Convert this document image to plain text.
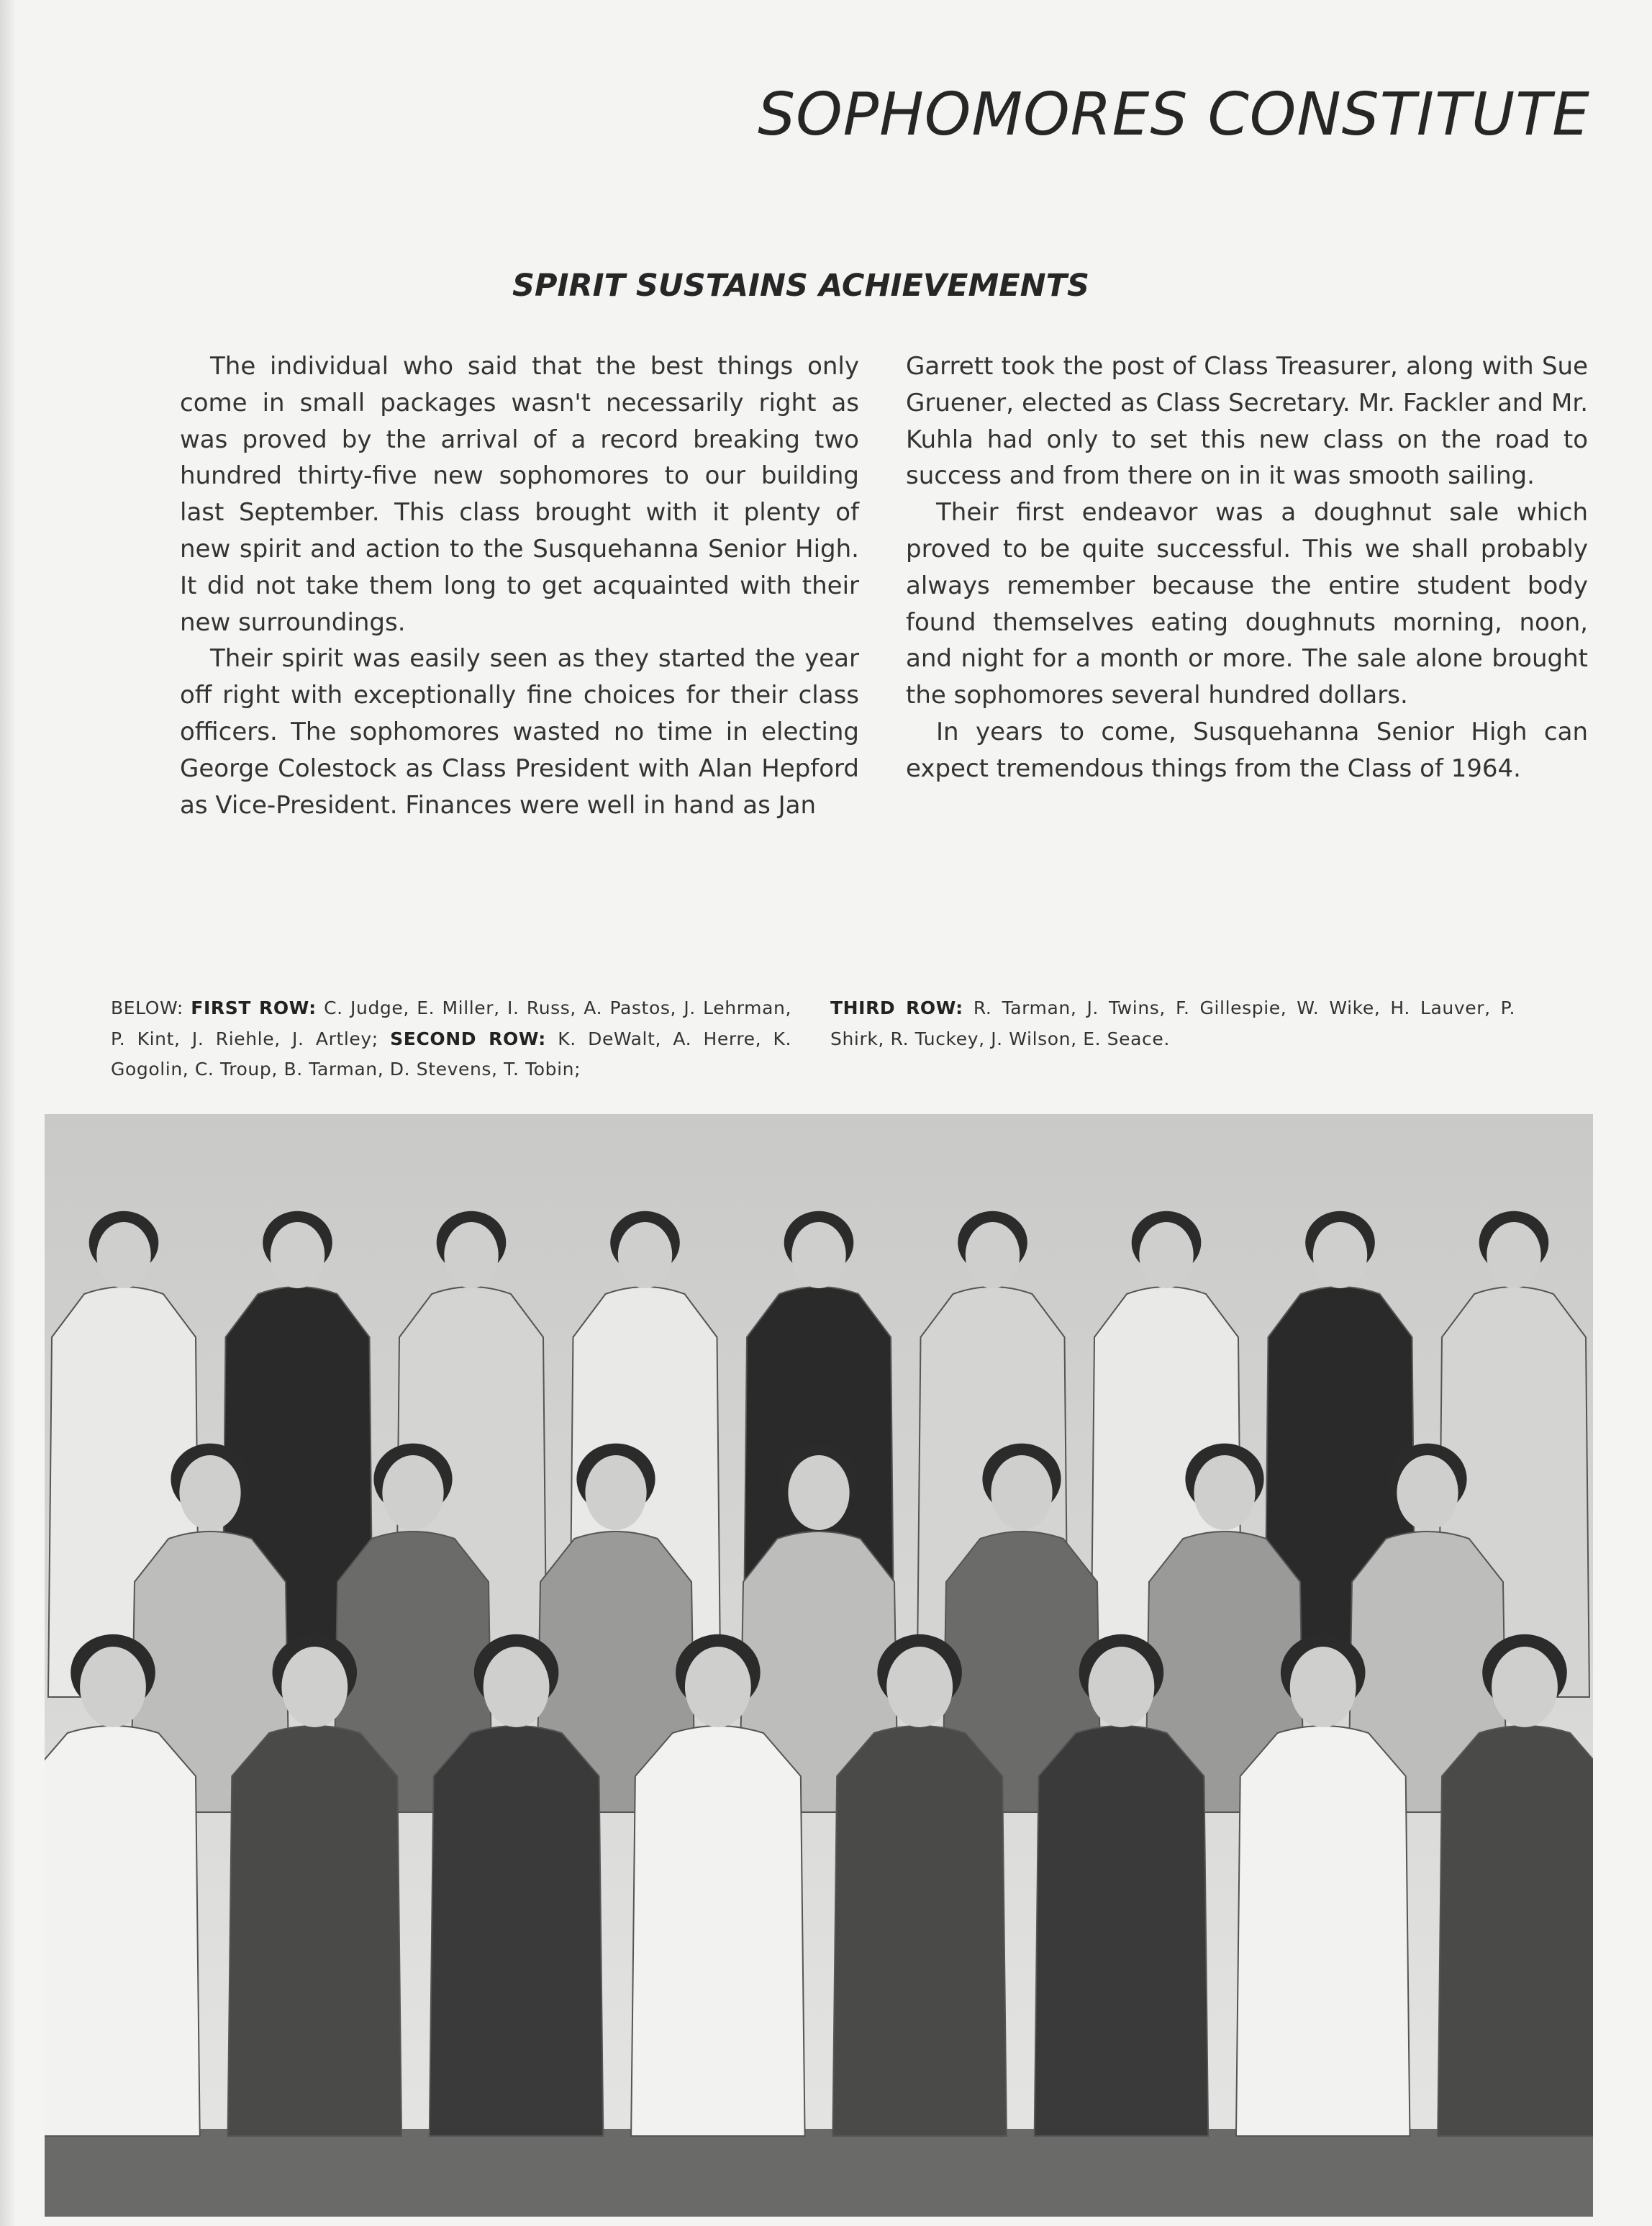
SOPHOMORES CONSTITUTE
SPIRIT SUSTAINS ACHIEVEMENTS

The individual who said that the best things only come in small packages wasn't necessarily right as was proved by the arrival of a record breaking two hundred thirty-five new sophomores to our building last September. This class brought with it plenty of new spirit and action to the Susquehanna Senior High. It did not take them long to get acquainted with their new surroundings.

Their spirit was easily seen as they started the year off right with exceptionally fine choices for their class officers. The sophomores wasted no time in electing George Colestock as Class President with Alan Hepford as Vice-President. Finances were well in hand as Jan

Garrett took the post of Class Treasurer, along with Sue Gruener, elected as Class Secretary. Mr. Fackler and Mr. Kuhla had only to set this new class on the road to success and from there on in it was smooth sailing.

Their first endeavor was a doughnut sale which proved to be quite successful. This we shall probably always remember because the entire student body found themselves eating doughnuts morning, noon, and night for a month or more. The sale alone brought the sophomores several hundred dollars.

In years to come, Susquehanna Senior High can expect tremendous things from the Class of 1964.

BELOW: FIRST ROW: C. Judge, E. Miller, I. Russ, A. Pastos, J. Lehrman, P. Kint, J. Riehle, J. Artley; SECOND ROW: K. DeWalt, A. Herre, K. Gogolin, C. Troup, B. Tarman, D. Stevens, T. Tobin;
THIRD ROW: R. Tarman, J. Twins, F. Gillespie, W. Wike, H. Lauver, P. Shirk, R. Tuckey, J. Wilson, E. Seace.
